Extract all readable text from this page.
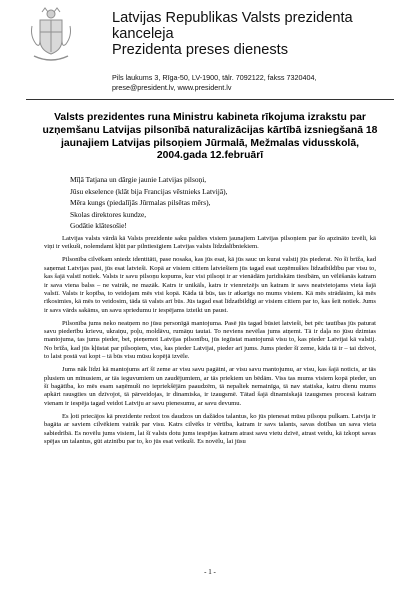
Latvijas Republikas Valsts prezidenta kanceleja
Prezidenta preses dienests
Pils laukums 3, Rīga-50, LV-1900, tālr. 7092122, fakss 7320404,
prese@president.lv, www.president.lv
Valsts prezidentes runa Ministru kabineta rīkojuma izrakstu par
uzņemšanu Latvijas pilsonībā naturalizācijas kārtībā izsniegšanā 18
jaunajiem Latvijas pilsoņiem Jūrmalā, Mežmalas vidusskolā,
2004.gada 12.februārī
Mīļā Tatjana un dārgie jaunie Latvijas pilsoņi,
Jūsu ekselence (klāt bija Francijas vēstnieks Latvijā),
Mēra kungs (piedalījās Jūrmalas pilsētas mērs),
Skolas direktores kundze,
Godātie klātesošie!

Latvijas valsts vārdā kā Valsts prezidente saku paldies visiem jaunajiem Latvijas pilsoņiem par šo apzināto izvēli, kā viņi ir veikuši, nolemdami kļūt par pilntiesīgiem Latvijas valsts līdzdalībniekiem.

Pilsonība cilvēkam sniedz identitāti, pase nosaka, kas jūs esat, kā jūs sauc un kurai valstij jūs piederat. No šī brīža, kad saņemat Latvijas pasi, jūs esat latvieši. Kopā ar visiem citiem latviešiem jūs tagad esat uzņēmušies līdzatbildību par visu to, kas šajā valstī notiek. Valsts ir savu pilsoņu kopums, kur visi pilsoņi ir ar vienādām juridiskām tiesībām, un vēlēšanās katram ir sava viena balss – ne vairāk, ne mazāk. Katrs ir unikāls, katrs ir vienreizējs un katram ir savs neatvietojams vieta šajā valstī. Valsts ir kopība, to veidojam mēs visi kopā. Kāda tā būs, tas ir atkarīgs no mums visiem. Kā mēs strādāsim, kā mēs rīkosimies, kā mēs to veidosim, tāda tā valsts arī būs. Jūs tagad esat līdzatbildīgi ar visiem citiem par to, kas šeit notiek. Jums ir savs vārds sakāms, un savu spriedumu ir iespējams izteikt un paust.

Pilsonība jums neko neatņem no jūsu personīgā mantojuma. Pasē jūs tagad būsiet latvieši, bet pēc tautības jūs paturat savu piederību krievu, ukraiņu, poļu, moldāvu, rumāņu tautai. To neviens nevēlas jums atņemt. Tā ir daļa no jūsu dzimtas mantojuma, tas jums pieder, bet, pieņemot Latvijas pilsonību, jūs iegūstat mantojumā visu to, kas pieder Latvijai kā valstij. No brīža, kad jūs kļūstat par pilsoņiem, viss, kas pieder Latvijai, pieder arī jums. Jums pieder šī zeme, kāda tā ir – tai dzīvot, to laist postā vai kopt – tā būs visu mūsu kopējā izvēle.

Jums nāk līdzi kā mantojums arī šī zeme ar visu savu pagātni, ar visu savu mantojumu, ar visu, kas šajā noticis, ar tās plusiem un mīnusiem, ar tās ieguvumiem un zaudējumiem, ar tās priekiem un bēdām. Viss tas mums visiem kopā pieder, un šī bagātība, ko mēs esam saņēmuši no iepriekšējām paaudzēm, tā nepaliek nemainīga, tā nav statiska, katru dienu mums apkārt rausgties un dzīvojot, tā pārveidojas, ir dinamiska, ir izaugsmē. Tātad šajā dinamiskajā izaugsmes procesā katram vienam ir iespēja tagad veidot Latviju ar savu pienesumu, ar savu devumu.

Es ļoti priecājos kā prezidente redzot tos daudzos un dažādos talantus, ko jūs pienesat mūsu pilsoņu pulkam. Latvija ir bagāta ar saviem cilvēkiem vairāk par visu. Katrs cilvēks ir vērtība, katram ir savs talants, savas dotības un sava vieta sabiedrībā. Es novēlu jums visiem, lai šī valsts dotu jums iespējas katram atrast savu vietu dzīvē, atrast veidu, kā izkopt savas spējas un talantus, gūt atzinību par to, ko jūs esat veikuši. Es novēlu, lai jūsu

- 1 -
